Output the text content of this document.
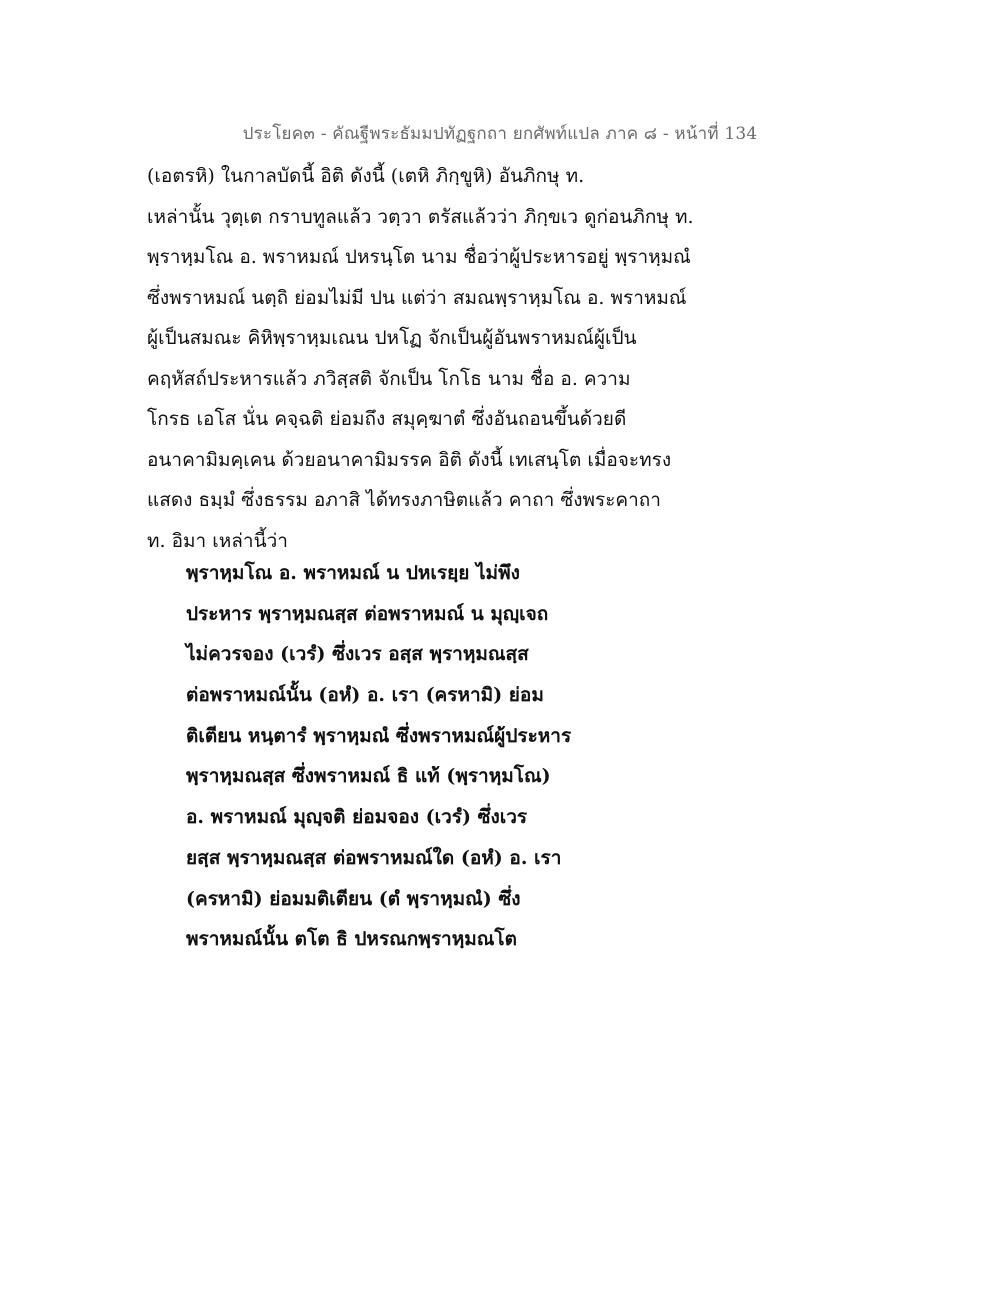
ประโยค๓ - คัณฐีพระธัมมปทัฏฐกถา ยกศัพท์แปล ภาค ๘ - หน้าที่ 134
(เอตรหิ) ในกาลบัดนี้ อิติ ดังนี้ (เตหิ ภิกฺขูหิ) อันภิกษุ ท.
เหล่านั้น วุตฺเต กราบทูลแล้ว วตฺวา ตรัสแล้วว่า ภิกฺขเว ดูก่อนภิกษุ ท.
พฺราหฺมโณ อ. พราหมณ์ ปหรนฺโต นาม ชื่อว่าผู้ประหารอยู่ พฺราหฺมณํ
ซึ่งพราหมณ์ นตฺถิ ย่อมไม่มี ปน แต่ว่า สมณพฺราหฺมโณ อ. พราหมณ์
ผู้เป็นสมณะ คิหิพฺราหฺมเณน ปหโฏ จักเป็นผู้อันพราหมณ์ผู้เป็น
คฤหัสถ์ประหารแล้ว ภวิสฺสติ จักเป็น โกโธ นาม ชื่อ อ. ความ
โกรธ เอโส นั่น คจฺฉติ ย่อมถึง สมุคฺฆาตํ ซึ่งอันถอนขึ้นด้วยดี
อนาคามิมคฺเคน ด้วยอนาคามิมรรค อิติ ดังนี้ เทเสนฺโต เมื่อจะทรง
แสดง ธมฺมํ ซึ่งธรรม อภาสิ ได้ทรงภาษิตแล้ว คาถา ซึ่งพระคาถา
ท. อิมา เหล่านี้ว่า
พฺราหฺมโณ อ. พราหมณ์ น ปหเรยฺย ไม่พึง
ประหาร พฺราหฺมณสฺส ต่อพราหมณ์ น มุญฺเจถ
ไม่ควรจอง (เวรํ) ซึ่งเวร อสฺส พฺราหฺมณสฺส
ต่อพราหมณ์นั้น (อหํ) อ. เรา (ครหามิ) ย่อม
ติเตียน หนฺตารํ พฺราหฺมณํ ซึ่งพราหมณ์ผู้ประหาร
พฺราหฺมณสฺส ซึ่งพราหมณ์ ธิ แท้ (พฺราหฺมโณ)
อ. พราหมณ์ มุญฺจติ ย่อมจอง (เวรํ) ซึ่งเวร
ยสฺส พฺราหฺมณสฺส ต่อพราหมณ์ใด (อหํ) อ. เรา
(ครหามิ) ย่อมมติเตียน (ตํ พฺราหฺมณํ) ซึ่ง
พราหมณ์นั้น ตโต ธิ ปหรณกพฺราหฺมณโต
